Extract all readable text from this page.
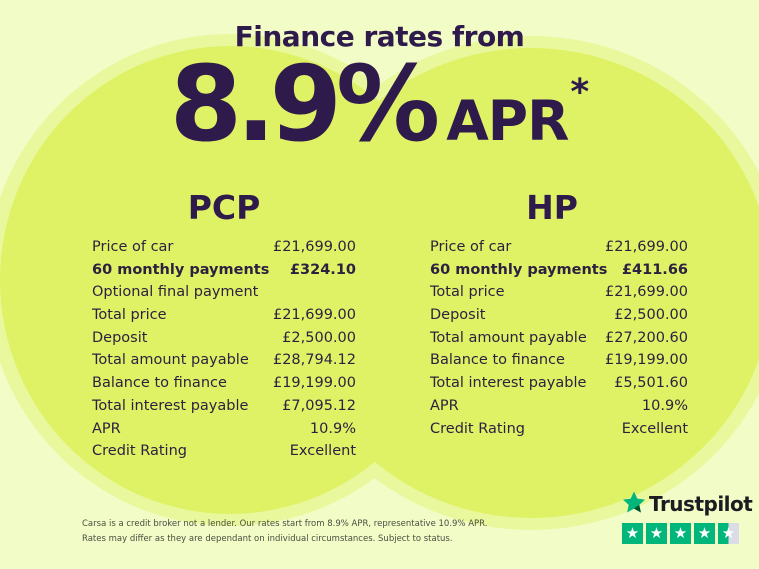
Finance rates from
8.9% APR *
PCP	HP
Price of car	£21,699.00
60 monthly payments £324.10
Optional final payment
Total price	£21,699.00
Deposit	£2,500.00
Total amount payable £28,794.12
Balance to finance	£19,199.00
Total interest payable £7,095.12
APR	10.9%
Credit Rating	Excellent
Price of car	£21,699.00
60 monthly payments £411.66
Total price	£21,699.00
Deposit	£2,500.00
Total amount payable £27,200.60
Balance to finance	£19,199.00
Total interest payable £5,501.60
APR	10.9%
Credit Rating	Excellent
Carsa is a credit broker not a lender. Our rates start from 8.9% APR, representative 10.9% APR.
Rates may differ as they are dependant on individual circumstances. Subject to status.
Trustpilot
★ ★ ★ ★ ★
